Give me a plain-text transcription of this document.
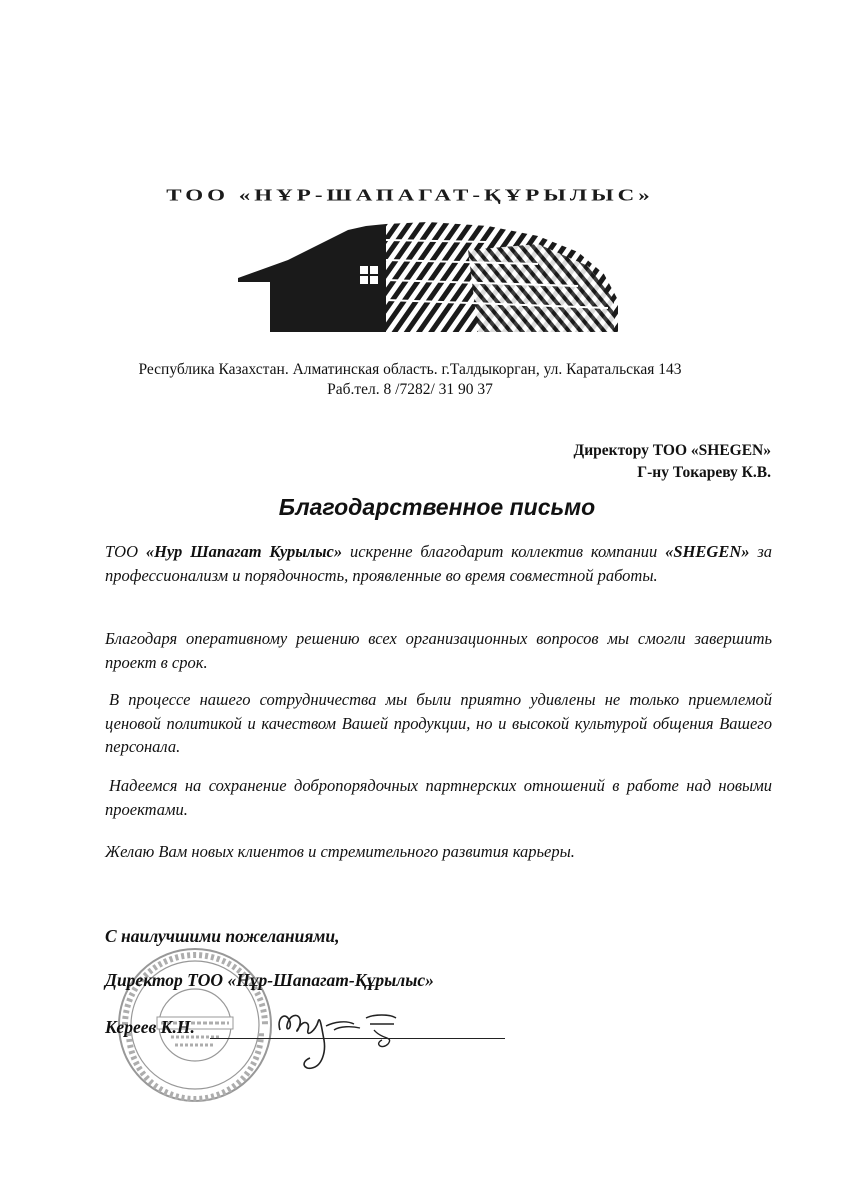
ТОО «НҰР-ШАПАГАТ-ҚҰРЫЛЫС»
Республика Казахстан. Алматинская область. г.Талдыкорган, ул. Каратальская 143
Раб.тел. 8 /7282/ 31 90 37
Директору ТОО «SHEGEN»
Г-ну Токареву К.В.
Благодарственное письмо

ТОО «Нур Шапагат Курылыс» искренне благодарит коллектив компании «SHEGEN» за профессионализм и порядочность, проявленные во время совместной работы.

Благодаря оперативному решению всех организационных вопросов мы смогли завершить проект в срок.

В процессе нашего сотрудничества мы были приятно удивлены не только приемлемой ценовой политикой и качеством Вашей продукции, но и высокой культурой общения Вашего персонала.

Надеемся на сохранение добропорядочных партнерских отношений в работе над новыми проектами.

Желаю Вам новых клиентов и стремительного развития карьеры.

С наилучшими пожеланиями,
Директор ТОО «Нұр-Шапагат-Құрылыс»
Кереев К.Н.
